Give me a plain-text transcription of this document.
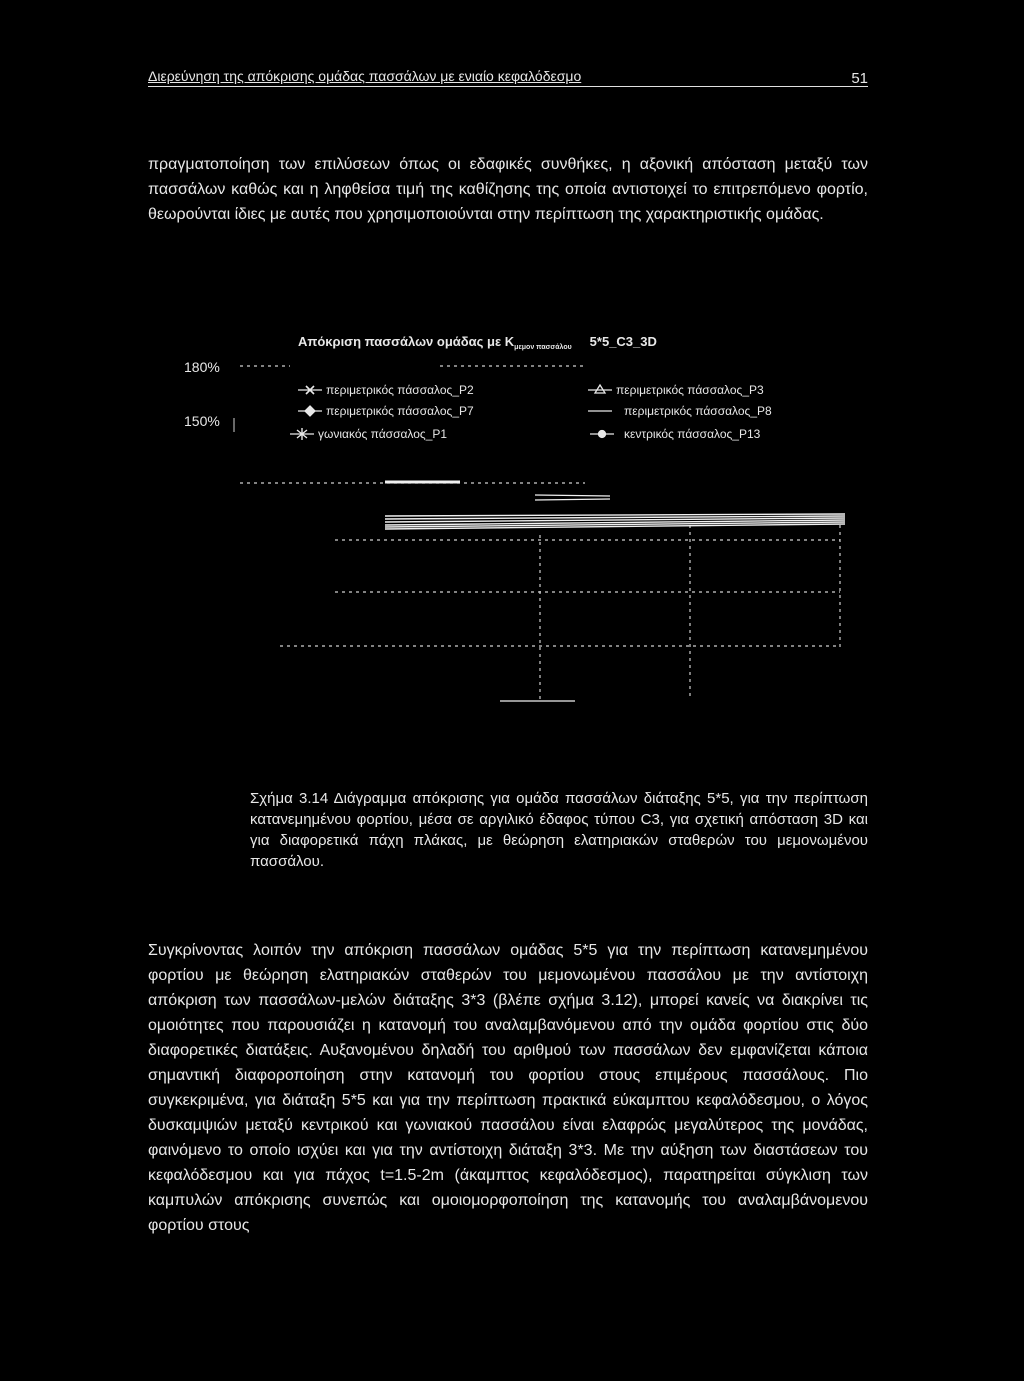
Διερεύνηση της απόκρισης ομάδας πασσάλων με ενιαίο κεφαλόδεσμο	51

πραγματοποίηση των επιλύσεων όπως οι εδαφικές συνθήκες, η αξονική απόσταση μεταξύ των πασσάλων καθώς και η ληφθείσα τιμή της καθίζησης της οποία αντιστοιχεί το επιτρεπόμενο φορτίο, θεωρούνται ίδιες με αυτές που χρησιμοποιούνται στην περίπτωση της χαρακτηριστικής ομάδας.

Απόκριση πασσάλων ομάδας με $K_{\mu\varepsilon\mu o\nu \pi\alpha\sigma\sigma ά\lambda o\upsilon}$ 5*5_C3_3D
180%
150%
περιμετρικός πάσσαλος_P2	περιμετρικός πάσσαλος_P3
περιμετρικός πάσσαλος_P7	περιμετρικός πάσσαλος_P8
γωνιακός πάσσαλος_P1	κεντρικός πάσσαλος_P13

Σχήμα 3.14 Διάγραμμα απόκρισης για ομάδα πασσάλων διάταξης 5*5, για την περίπτωση κατανεμημένου φορτίου, μέσα σε αργιλικό έδαφος τύπου C3, για σχετική απόσταση 3D και για διαφορετικά πάχη πλάκας, με θεώρηση ελατηριακών σταθερών του μεμονωμένου πασσάλου.

Συγκρίνοντας λοιπόν την απόκριση πασσάλων ομάδας 5*5 για την περίπτωση κατανεμημένου φορτίου με θεώρηση ελατηριακών σταθερών του μεμονωμένου πασσάλου με την αντίστοιχη απόκριση των πασσάλων-μελών διάταξης 3*3 (βλέπε σχήμα 3.12), μπορεί κανείς να διακρίνει τις ομοιότητες που παρουσιάζει η κατανομή του αναλαμβανόμενου από την ομάδα φορτίου στις δύο διαφορετικές διατάξεις. Αυξανομένου δηλαδή του αριθμού των πασσάλων δεν εμφανίζεται κάποια σημαντική διαφοροποίηση στην κατανομή του φορτίου στους επιμέρους πασσάλους. Πιο συγκεκριμένα, για διάταξη 5*5 και για την περίπτωση πρακτικά εύκαμπτου κεφαλόδεσμου, ο λόγος δυσκαμψιών μεταξύ κεντρικού και γωνιακού πασσάλου είναι ελαφρώς μεγαλύτερος της μονάδας, φαινόμενο το οποίο ισχύει και για την αντίστοιχη διάταξη 3*3. Με την αύξηση των διαστάσεων του κεφαλόδεσμου και για πάχος t=1.5-2m (άκαμπτος κεφαλόδεσμος), παρατηρείται σύγκλιση των καμπυλών απόκρισης συνεπώς και ομοιομορφοποίηση της κατανομής του αναλαμβάνομενου φορτίου στους
